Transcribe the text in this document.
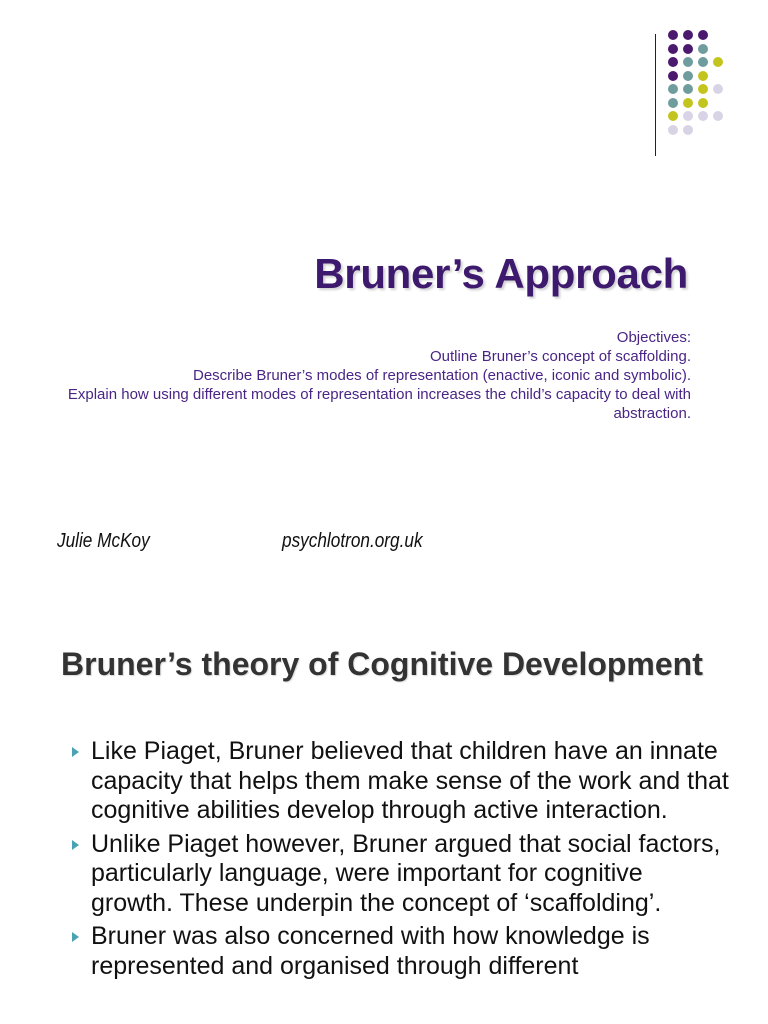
Bruner’s Approach
Objectives:
Outline Bruner’s concept of scaffolding.
Describe Bruner’s modes of representation (enactive, iconic and symbolic).
Explain how using different modes of representation increases the child’s capacity to deal with abstraction.
Julie McKoy	psychlotron.org.uk
Bruner’s theory of Cognitive Development
Like Piaget, Bruner believed that children have an innate capacity that helps them make sense of the work and that cognitive abilities develop through active interaction.
Unlike Piaget however, Bruner argued that social factors, particularly language, were important for cognitive growth. These underpin the concept of ‘scaffolding’.
Bruner was also concerned with how knowledge is represented and organised through different
